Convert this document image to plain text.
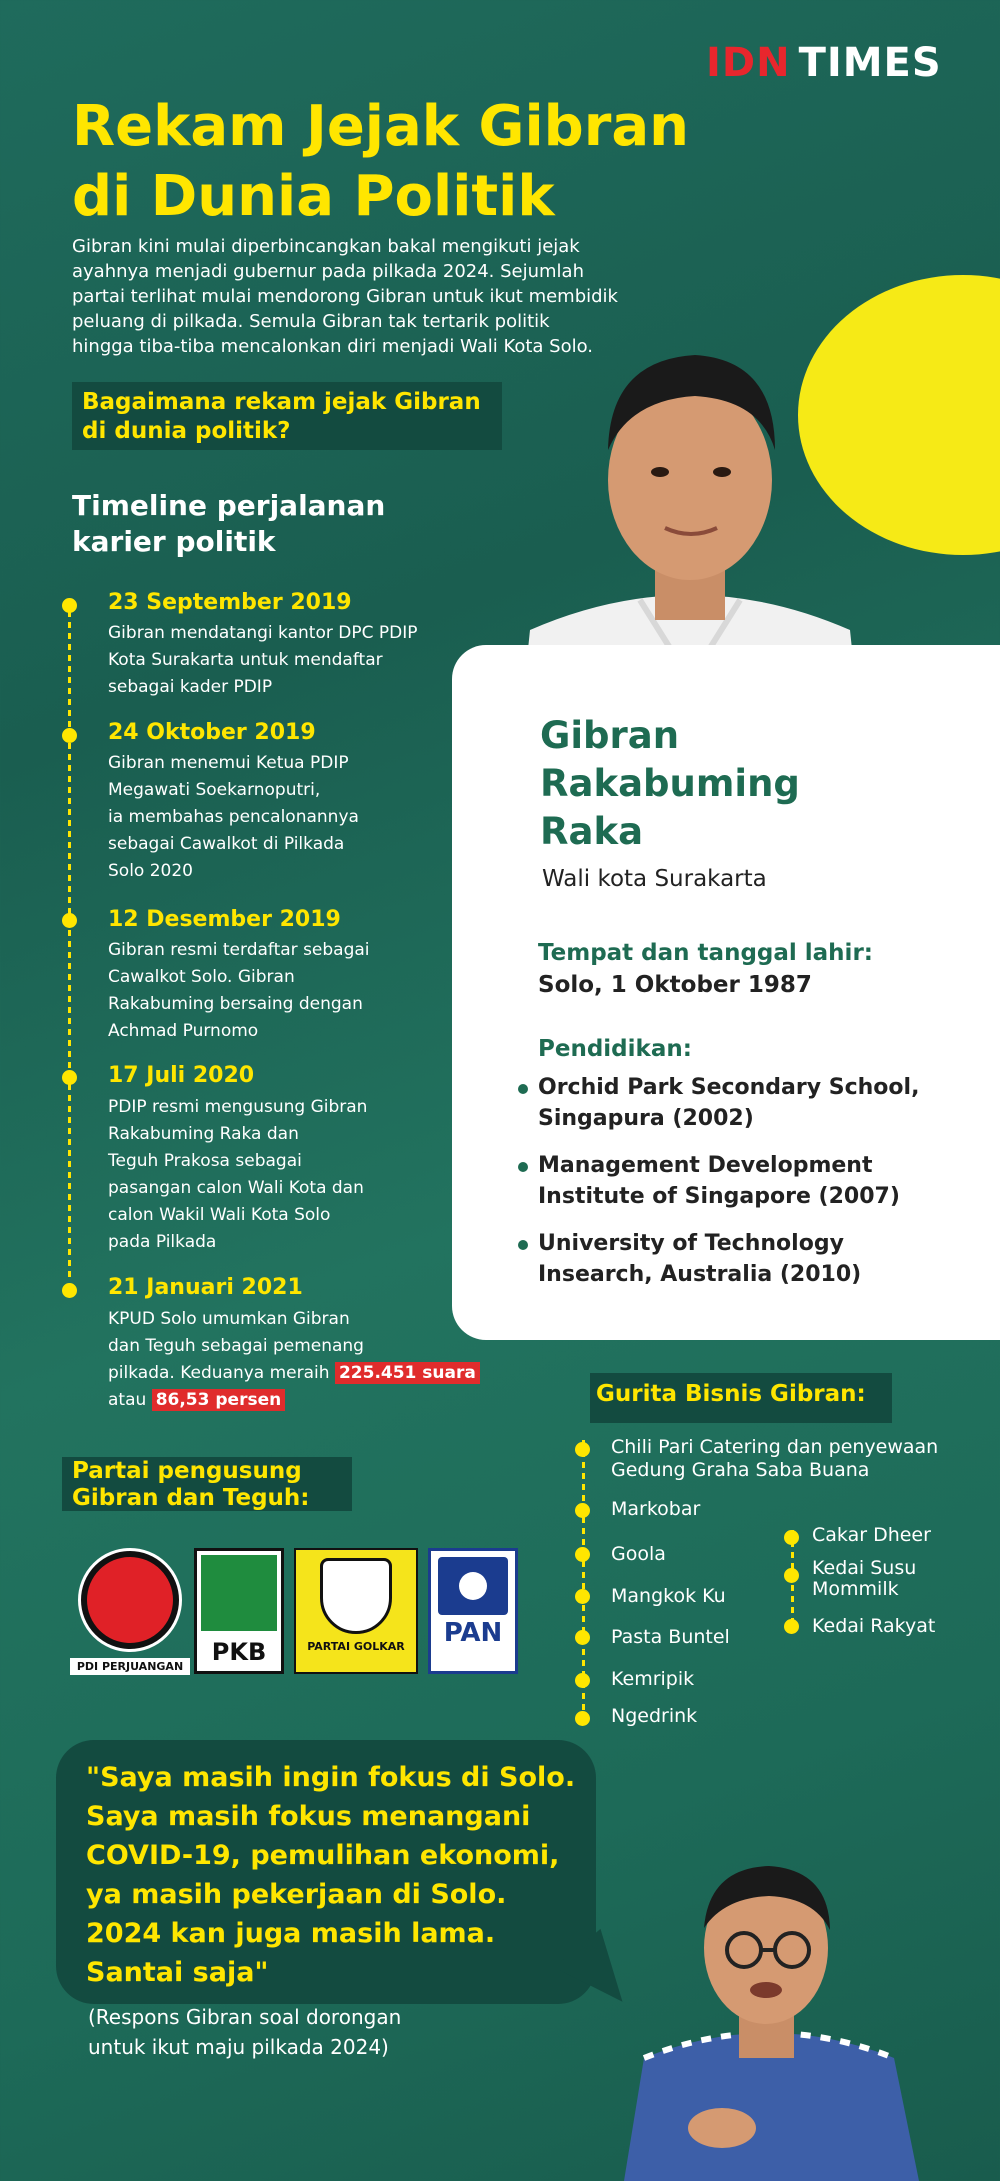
IDN TIMES
Rekam Jejak Gibran
di Dunia Politik
Gibran kini mulai diperbincangkan bakal mengikuti jejak
ayahnya menjadi gubernur pada pilkada 2024. Sejumlah
partai terlihat mulai mendorong Gibran untuk ikut membidik
peluang di pilkada. Semula Gibran tak tertarik politik
hingga tiba-tiba mencalonkan diri menjadi Wali Kota Solo.
Bagaimana rekam jejak Gibran
di dunia politik?
Gibran
Rakabuming
Raka
Wali kota Surakarta
Tempat dan tanggal lahir:
Solo, 1 Oktober 1987
Pendidikan:
Orchid Park Secondary School,
Singapura (2002)
Management Development
Institute of Singapore (2007)
University of Technology
Insearch, Australia (2010)
Timeline perjalanan
karier politik
23 September 2019
Gibran mendatangi kantor DPC PDIP
Kota Surakarta untuk mendaftar
sebagai kader PDIP
24 Oktober 2019
Gibran menemui Ketua PDIP
Megawati Soekarnoputri,
ia membahas pencalonannya
sebagai Cawalkot di Pilkada
Solo 2020
12 Desember 2019
Gibran resmi terdaftar sebagai
Cawalkot Solo. Gibran
Rakabuming bersaing dengan
Achmad Purnomo
17 Juli 2020
PDIP resmi mengusung Gibran
Rakabuming Raka dan
Teguh Prakosa sebagai
pasangan calon Wali Kota dan
calon Wakil Wali Kota Solo
pada Pilkada
21 Januari 2021
KPUD Solo umumkan Gibran
dan Teguh sebagai pemenang
pilkada. Keduanya meraih 225.451 suara
atau 86,53 persen
Partai pengusung
Gibran dan Teguh:
PDI PERJUANGAN
PKB	PARTAI GOLKAR	PAN
Gurita Bisnis Gibran:
Chili Pari Catering dan penyewaan
Gedung Graha Saba Buana
Markobar
Goola
Mangkok Ku
Pasta Buntel
Kemripik
Ngedrink
Cakar Dheer
Kedai Susu
Mommilk
Kedai Rakyat
"Saya masih ingin fokus di Solo.
Saya masih fokus menangani
COVID-19, pemulihan ekonomi,
ya masih pekerjaan di Solo.
2024 kan juga masih lama.
Santai saja"
(Respons Gibran soal dorongan
untuk ikut maju pilkada 2024)
